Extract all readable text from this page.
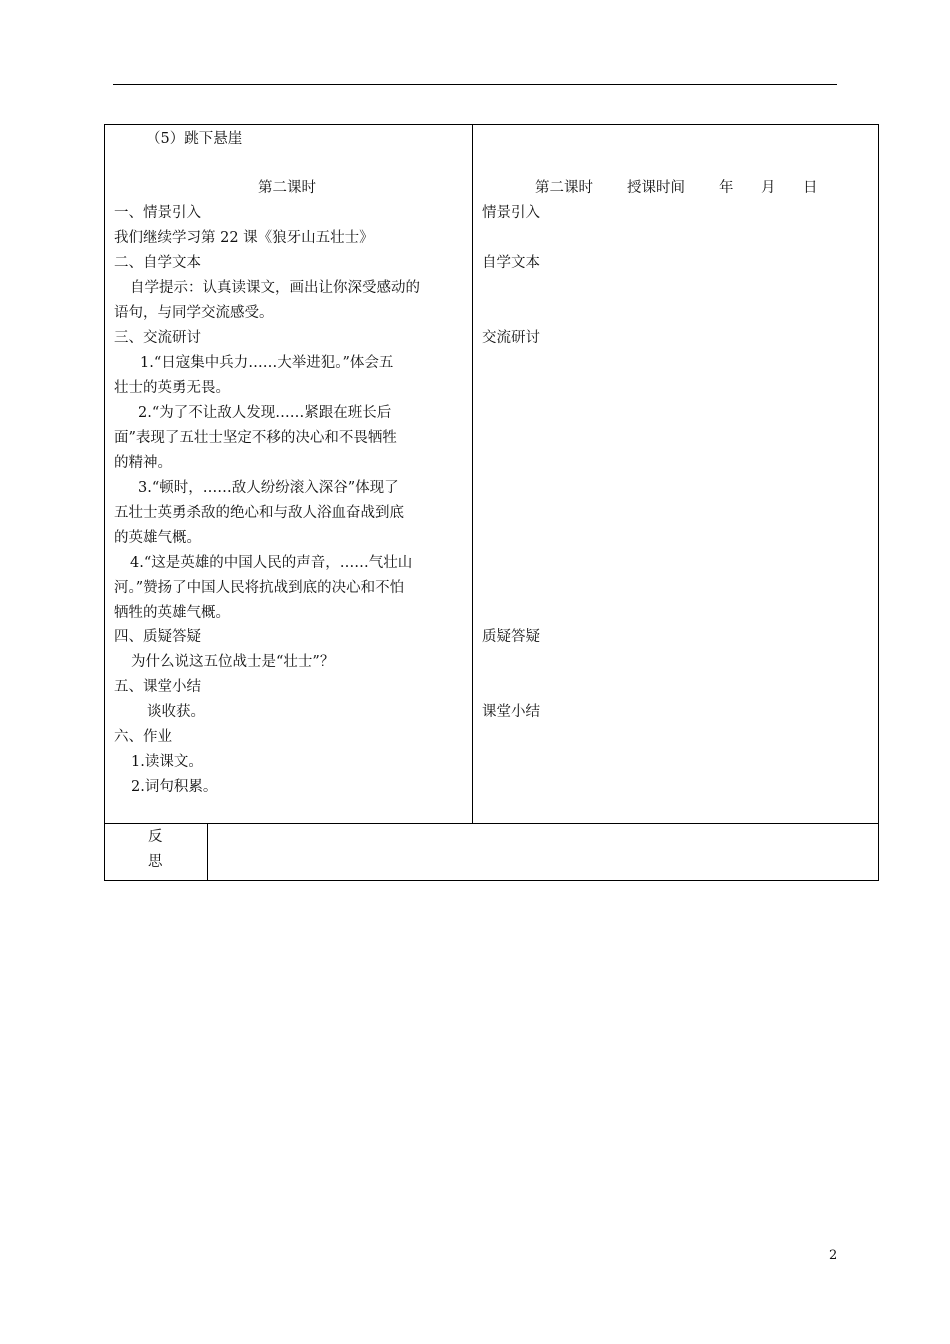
（5）跳下悬崖
第二课时
一、情景引入
我们继续学习第 22 课《狼牙山五壮士》
二、自学文本
自学提示：认真读课文，画出让你深受感动的
语句，与同学交流感受。
三、交流研讨
1.“日寇集中兵力……大举进犯。”体会五
壮士的英勇无畏。
2.“为了不让敌人发现……紧跟在班长后
面”表现了五壮士坚定不移的决心和不畏牺牲
的精神。
3.“顿时，……敌人纷纷滚入深谷”体现了
五壮士英勇杀敌的绝心和与敌人浴血奋战到底
的英雄气概。
4.“这是英雄的中国人民的声音，……气壮山
河。”赞扬了中国人民将抗战到底的决心和不怕
牺牲的英雄气概。
四、质疑答疑
为什么说这五位战士是“壮士”？
五、课堂小结
谈收获。
六、作业
1.读课文。
2.词句积累。
第二课时 授课时间 年 月 日
情景引入
自学文本
交流研讨
质疑答疑
课堂小结
反
思
2
